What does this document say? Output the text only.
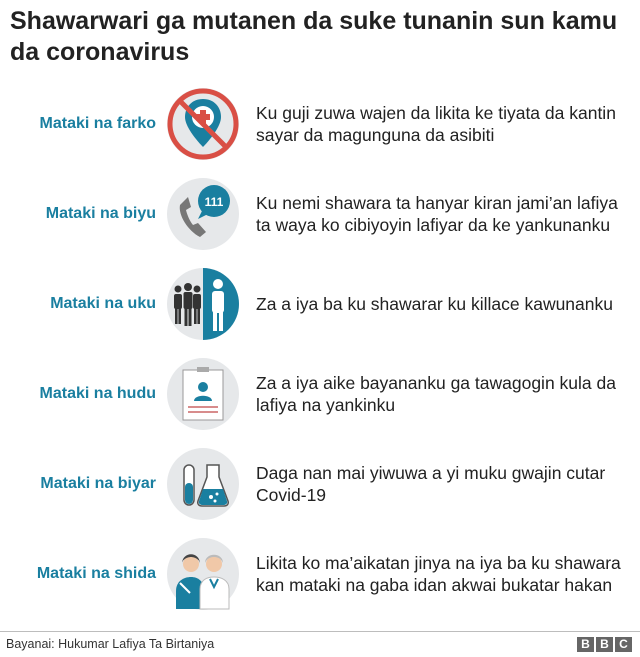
Shawarwari ga mutanen da suke tunanin sun kamu da coronavirus
Mataki na farko
Ku guji zuwa wajen da likita ke tiyata da kantin sayar da magunguna da asibiti
Mataki na biyu
111 Ku nemi shawara ta hanyar kiran jami’an lafiya ta waya ko cibiyoyin lafiyar da ke yankunanku
Mataki na uku	Za a iya ba ku shawarar ku killace kawunanku
Mataki na hudu
Za a iya aike bayananku ga tawagogin kula da lafiya na yankinku
Mataki na biyar
Daga nan mai yiwuwa a yi muku gwajin cutar Covid-19
Mataki na shida
Likita ko ma’aikatan jinya na iya ba ku shawara kan mataki na gaba idan akwai bukatar hakan
Bayanai: Hukumar Lafiya Ta Birtaniya	B B C
